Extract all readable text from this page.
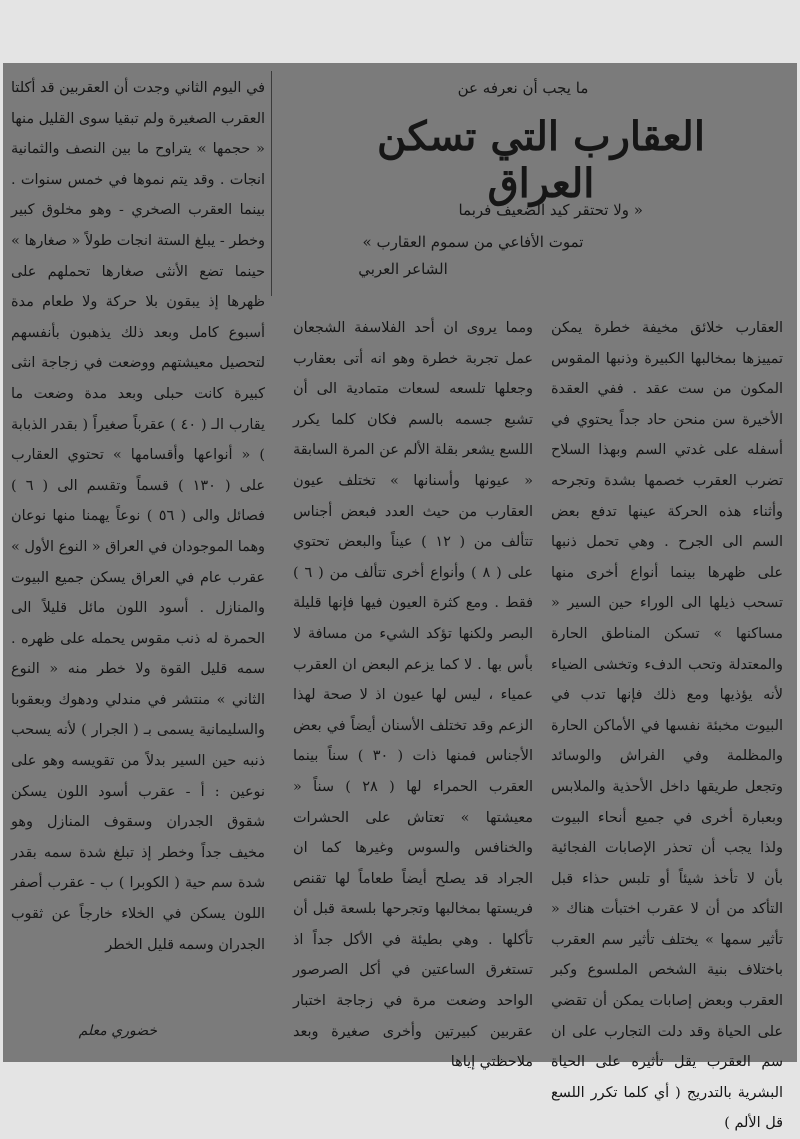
ما يجب أن نعرفه عن
العقارب التي تسكن العراق
« ولا تحتقر كيد الضعيف فربما
تموت الأفاعي من سموم العقارب »
الشاعر العربي

العقارب خلائق مخيفة خطرة يمكن تمييزها بمخالبها الكبيرة وذنبها المقوس المكون من ست عقد . ففي العقدة الأخيرة سن منحن حاد جداً يحتوي في أسفله على غدتي السم وبهذا السلاح تضرب العقرب خصمها بشدة وتجرحه وأثناء هذه الحركة عينها تدفع بعض السم الى الجرح . وهي تحمل ذنبها على ظهرها بينما أنواع أخرى منها تسحب ذيلها الى الوراء حين السير « مساكنها » تسكن المناطق الحارة والمعتدلة وتحب الدفء وتخشى الضياء لأنه يؤذيها ومع ذلك فإنها تدب في البيوت مخبئة نفسها في الأماكن الحارة والمظلمة وفي الفراش والوسائد وتجعل طريقها داخل الأحذية والملابس وبعبارة أخرى في جميع أنحاء البيوت ولذا يجب أن تحذر الإصابات الفجائية بأن لا تأخذ شيئاً أو تلبس حذاء قبل التأكد من أن لا عقرب اختبأت هناك « تأثير سمها » يختلف تأثير سم العقرب باختلاف بنية الشخص الملسوع وكبر العقرب وبعض إصابات يمكن أن تقضي على الحياة وقد دلت التجارب على ان سم العقرب يقل تأثيره على الحياة البشرية بالتدريج ( أي كلما تكرر اللسع قل الألم )

ومما يروى ان أحد الفلاسفة الشجعان عمل تجربة خطرة وهو انه أتى بعقارب وجعلها تلسعه لسعات متمادية الى أن تشبع جسمه بالسم فكان كلما يكرر اللسع يشعر بقلة الألم عن المرة السابقة « عيونها وأسنانها » تختلف عيون العقارب من حيث العدد فبعض أجناس تتألف من ( ١٢ ) عيناً والبعض تحتوي على ( ٨ ) وأنواع أخرى تتألف من ( ٦ ) فقط . ومع كثرة العيون فيها فإنها قليلة البصر ولكنها تؤكد الشيء من مسافة لا بأس بها . لا كما يزعم البعض ان العقرب عمياء ، ليس لها عيون اذ لا صحة لهذا الزعم وقد تختلف الأسنان أيضاً في بعض الأجناس فمنها ذات ( ٣٠ ) سناً بينما العقرب الحمراء لها ( ٢٨ ) سناً « معيشتها » تعتاش على الحشرات والخنافس والسوس وغيرها كما ان الجراد قد يصلح أيضاً طعاماً لها تقنص فريستها بمخالبها وتجرحها بلسعة قبل أن تأكلها . وهي بطيئة في الأكل جداً اذ تستغرق الساعتين في أكل الصرصور الواحد وضعت مرة في زجاجة اختبار عقربين كبيرتين وأخرى صغيرة وبعد ملاحظتي إياها

في اليوم الثاني وجدت أن العقربين قد أكلتا العقرب الصغيرة ولم تبقيا سوى القليل منها « حجمها » يتراوح ما بين النصف والثمانية انجات . وقد يتم نموها في خمس سنوات . بينما العقرب الصخري - وهو مخلوق كبير وخطر - يبلغ الستة انجات طولاً « صغارها » حينما تضع الأنثى صغارها تحملهم على ظهرها إذ يبقون بلا حركة ولا طعام مدة أسبوع كامل وبعد ذلك يذهبون بأنفسهم لتحصيل معيشتهم ووضعت في زجاجة انثى كبيرة كانت حبلى وبعد مدة وضعت ما يقارب الـ ( ٤٠ ) عقرباً صغيراً ( بقدر الذبابة ) « أنواعها وأقسامها » تحتوي العقارب على ( ١٣٠ ) قسماً وتقسم الى ( ٦ ) فصائل والى ( ٥٦ ) نوعاً يهمنا منها نوعان وهما الموجودان في العراق « النوع الأول » عقرب عام في العراق يسكن جميع البيوت والمنازل . أسود اللون مائل قليلاً الى الحمرة له ذنب مقوس يحمله على ظهره . سمه قليل القوة ولا خطر منه « النوع الثاني » منتشر في مندلي ودهوك وبعقوبا والسليمانية يسمى بـ ( الجرار ) لأنه يسحب ذنبه حين السير بدلاً من تقويسه وهو على نوعين : أ - عقرب أسود اللون يسكن شقوق الجدران وسقوف المنازل وهو مخيف جداً وخطر إذ تبلغ شدة سمه بقدر شدة سم حية ( الكوبرا ) ب - عقرب أصفر اللون يسكن في الخلاء خارجاً عن ثقوب الجدران وسمه قليل الخطر

خضوري معلم
